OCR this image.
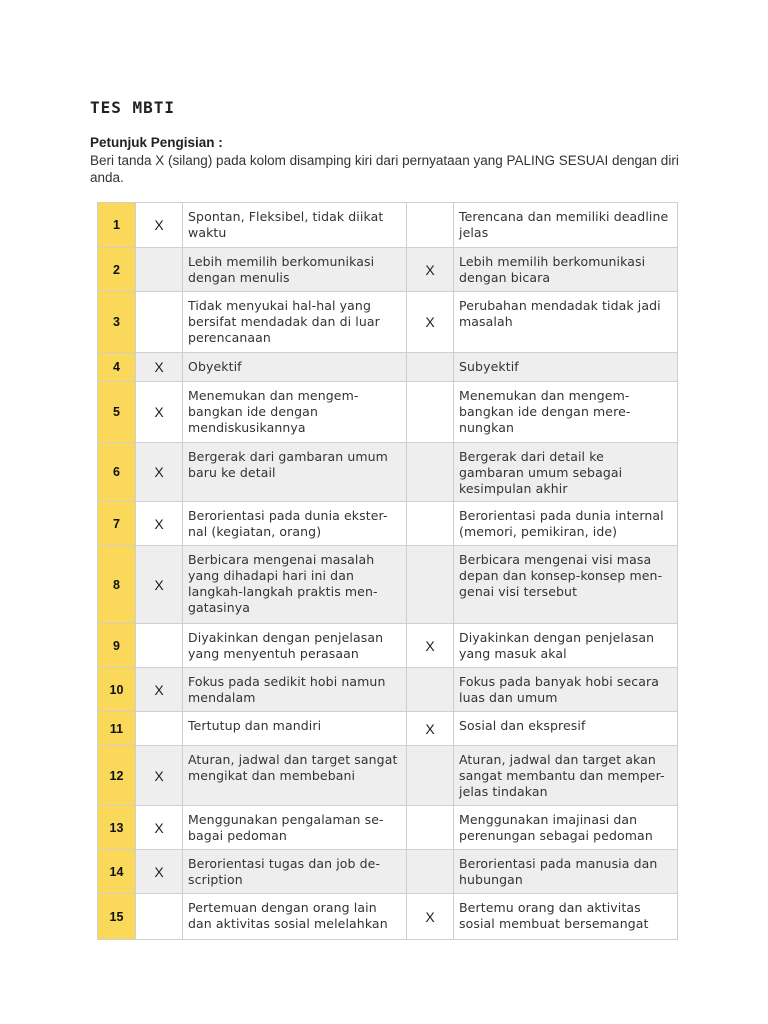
TES MBTI
Petunjuk Pengisian :

Beri tanda X (silang) pada kolom disamping kiri dari pernyataan yang PALING SESUAI dengan diri anda.

1	X	Spontan, Fleksibel, tidak diikat waktu		Terencana dan memiliki deadline jelas
2		Lebih memilih berkomunikasi dengan menulis	X	Lebih memilih berkomunikasi dengan bicara
3		Tidak menyukai hal-hal yang bersifat mendadak dan di luar perencanaan	X	Perubahan mendadak tidak jadi masalah
4	X	Obyektif		Subyektif
5	X	Menemukan dan mengem-bangkan ide dengan mendiskusikannya		Menemukan dan mengem-bangkan ide dengan mere-nungkan
6	X	Bergerak dari gambaran umum baru ke detail		Bergerak dari detail ke gambaran umum sebagai kesimpulan akhir
7	X	Berorientasi pada dunia ekster-nal (kegiatan, orang)		Berorientasi pada dunia internal (memori, pemikiran, ide)
8	X	Berbicara mengenai masalah yang dihadapi hari ini dan langkah-langkah praktis men-gatasinya		Berbicara mengenai visi masa depan dan konsep-konsep men-genai visi tersebut
9		Diyakinkan dengan penjelasan yang menyentuh perasaan	X	Diyakinkan dengan penjelasan yang masuk akal
10	X	Fokus pada sedikit hobi namun mendalam		Fokus pada banyak hobi secara luas dan umum
11		Tertutup dan mandiri	X	Sosial dan ekspresif
12	X	Aturan, jadwal dan target sangat mengikat dan membebani		Aturan, jadwal dan target akan sangat membantu dan memper-jelas tindakan
13	X	Menggunakan pengalaman se-bagai pedoman		Menggunakan imajinasi dan perenungan sebagai pedoman
14	X	Berorientasi tugas dan job de-scription		Berorientasi pada manusia dan hubungan
15		Pertemuan dengan orang lain dan aktivitas sosial melelahkan	X	Bertemu orang dan aktivitas sosial membuat bersemangat
